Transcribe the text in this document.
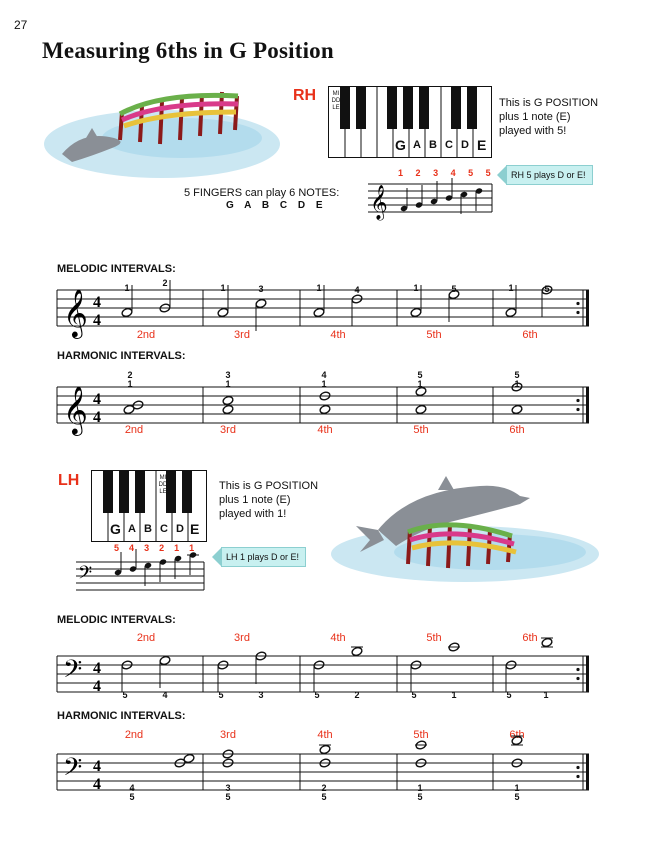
27
Measuring 6ths in G Position
RH	MIDDLE
G A B C D E
This is G POSITION
plus 1 note (E)
played with 5!
RH 5 plays D or E!
5 FINGERS can play 6 NOTES:
G A B C D E
1 2 3 4 5 5
𝄞
MELODIC INTERVALS:
𝄞 4
4
1	2	1	3	1	4	1	5	1	5
2nd	3rd	4th	5th	6th
HARMONIC INTERVALS:
𝄞 4
4
2
1
3
1
4
1
5
1
5
1
2nd	3rd	4th	5th	6th
LH	MIDDLE
G A B C D E
This is G POSITION
plus 1 note (E)
played with 1!
5 4 3 2 1 1
LH 1 plays D or E!
𝄢
MELODIC INTERVALS:
2nd	3rd	4th	5th	6th
𝄢 4
4	5	4	5	3	5	2	5	1	5	1
HARMONIC INTERVALS:
2nd	3rd	4th	5th	6th
𝄢 4
4	4
5
3
5
2
5
1
5
1
5
